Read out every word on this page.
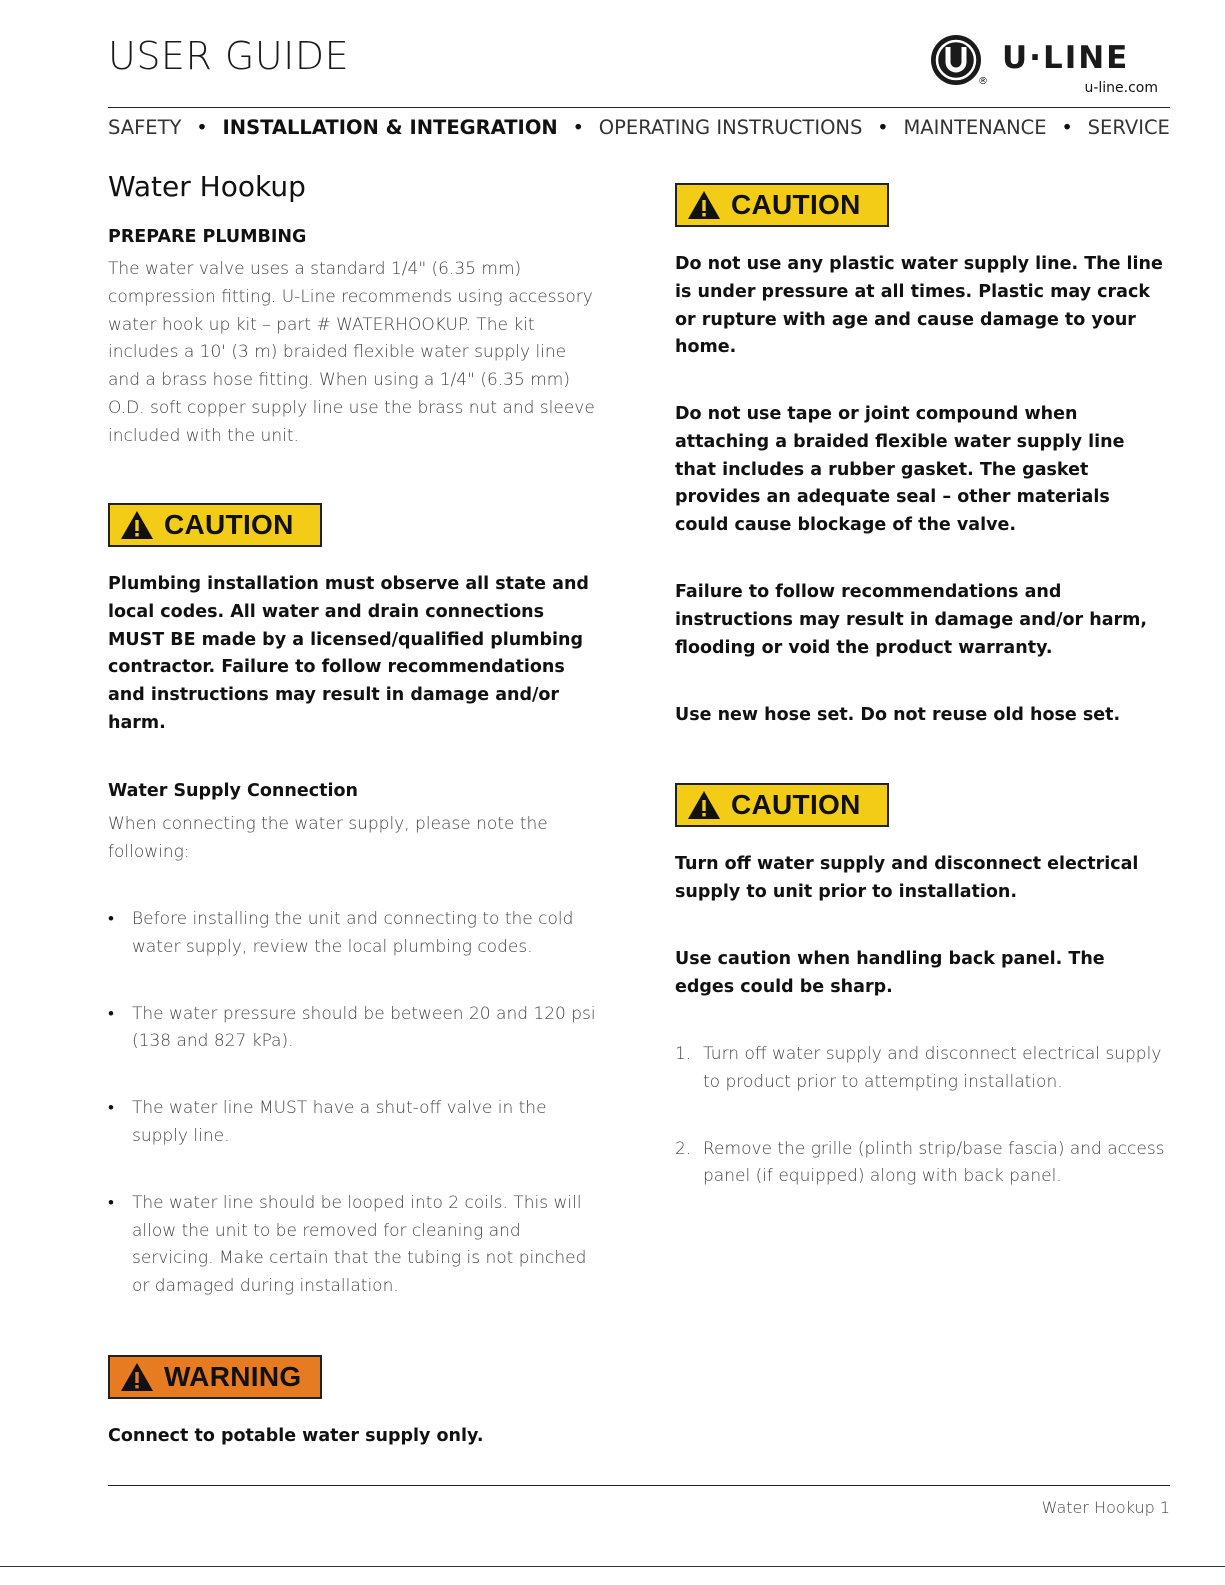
USER GUIDE
®
U·LINE
u-line.com
SAFETY • INSTALLATION & INTEGRATION • OPERATING INSTRUCTIONS • MAINTENANCE • SERVICE
Water Hookup
PREPARE PLUMBING
The water valve uses a standard 1/4" (6.35 mm) compression fitting. U-Line recommends using accessory water hook up kit – part # WATERHOOKUP. The kit includes a 10' (3 m) braided flexible water supply line and a brass hose fitting. When using a 1/4" (6.35 mm) O.D. soft copper supply line use the brass nut and sleeve included with the unit.
CAUTION
Plumbing installation must observe all state and local codes. All water and drain connections MUST BE made by a licensed/qualified plumbing contractor. Failure to follow recommendations and instructions may result in damage and/or harm.
Water Supply Connection
When connecting the water supply, please note the following:
• Before installing the unit and connecting to the cold water supply, review the local plumbing codes.
• The water pressure should be between 20 and 120 psi (138 and 827 kPa).
• The water line MUST have a shut-off valve in the supply line.
• The water line should be looped into 2 coils. This will allow the unit to be removed for cleaning and servicing. Make certain that the tubing is not pinched or damaged during installation.
WARNING
Connect to potable water supply only.
CAUTION
Do not use any plastic water supply line. The line is under pressure at all times. Plastic may crack or rupture with age and cause damage to your home.
Do not use tape or joint compound when attaching a braided flexible water supply line that includes a rubber gasket. The gasket provides an adequate seal – other materials could cause blockage of the valve.
Failure to follow recommendations and instructions may result in damage and/or harm, flooding or void the product warranty.
Use new hose set. Do not reuse old hose set.
CAUTION
Turn off water supply and disconnect electrical supply to unit prior to installation.
Use caution when handling back panel. The edges could be sharp.
1. Turn off water supply and disconnect electrical supply to product prior to attempting installation.
2. Remove the grille (plinth strip/base fascia) and access panel (if equipped) along with back panel.
Water Hookup 1
